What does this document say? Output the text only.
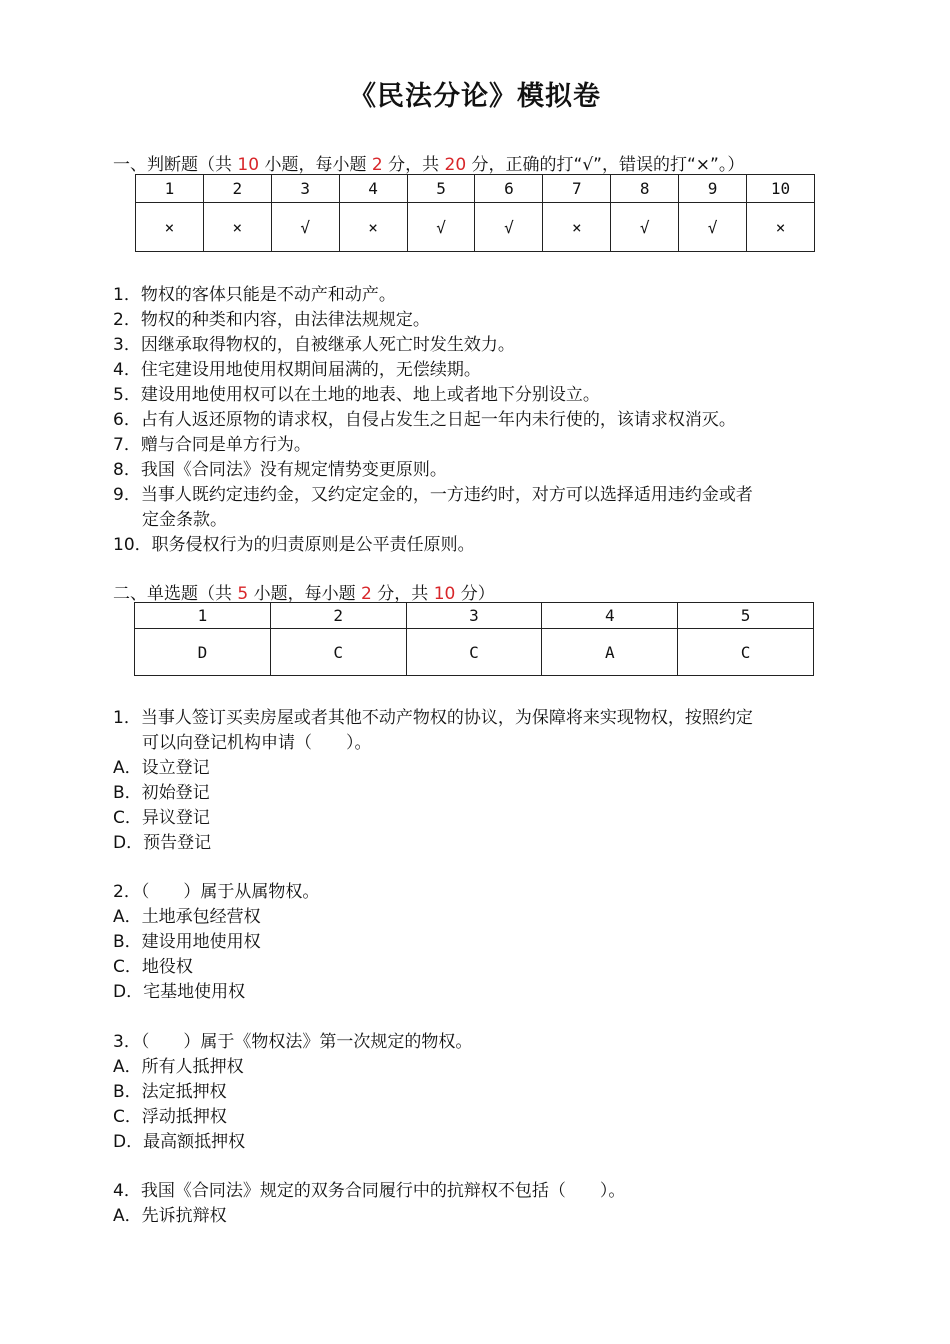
《民法分论》模拟卷
一、判断题（共 10 小题，每小题 2 分，共 20 分，正确的打“√”，错误的打“×”。）
1	2	3	4	5	6	7	8	9	10
×	×	√	×	√	√	×	√	√	×
1．物权的客体只能是不动产和动产。
2．物权的种类和内容，由法律法规规定。
3．因继承取得物权的，自被继承人死亡时发生效力。
4．住宅建设用地使用权期间届满的，无偿续期。
5．建设用地使用权可以在土地的地表、地上或者地下分别设立。
6．占有人返还原物的请求权，自侵占发生之日起一年内未行使的，该请求权消灭。
7．赠与合同是单方行为。
8．我国《合同法》没有规定情势变更原则。
9．当事人既约定违约金，又约定定金的，一方违约时，对方可以选择适用违约金或者
定金条款。
10．职务侵权行为的归责原则是公平责任原则。
二、单选题（共 5 小题，每小题 2 分，共 10 分）
1	2	3	4	5
D	C	C	A	C
1．当事人签订买卖房屋或者其他不动产物权的协议，为保障将来实现物权，按照约定
可以向登记机构申请（　　）。
A．设立登记
B．初始登记
C．异议登记
D．预告登记
2．（　　）属于从属物权。
A．土地承包经营权
B．建设用地使用权
C．地役权
D．宅基地使用权
3．（　　）属于《物权法》第一次规定的物权。
A．所有人抵押权
B．法定抵押权
C．浮动抵押权
D．最高额抵押权
4．我国《合同法》规定的双务合同履行中的抗辩权不包括（　　）。
A．先诉抗辩权
